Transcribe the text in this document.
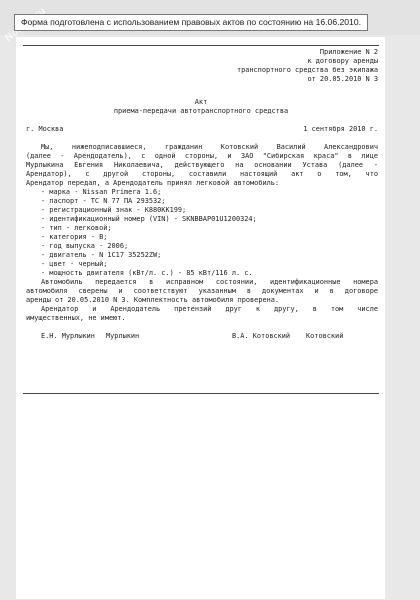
Форма подготовлена с использованием правовых актов по состоянию на 16.06.2010.
Приложение N 2
к договору аренды
транспортного средства без экипажа
от 20.05.2010 N 3
Акт
приема-передачи автотранспортного средства
г. Москва	1 сентября 2010 г.
Мы, нижеподписавшиеся, гражданин Котовский Василий Александрович
(далее - Арендодатель), с одной стороны, и ЗАО "Сибирская краса" в лице
Мурлыкина Евгения Николаевича, действующего на основании Устава (далее -
Арендатор), с другой стороны, составили настоящий акт о том, что
Арендатор передал, а Арендодатель принял легковой автомобиль:
- марка - Nissan Primera 1.6;
- паспорт - ТС N 77 ПА 293532;
- регистрационный знак - К880КК199;
- идентификационный номер (VIN) - SKNBBAP01U1200324;
- тип - легковой;
- категория - B;
- год выпуска - 2006;
- двигатель - N 1C17 35252ZW;
- цвет - черный;
- мощность двигателя (кВт/л. с.) - 85 кВт/116 л. с.
Автомобиль передается в исправном состоянии, идентификационные номера
автомобиля сверены и соответствуют указанным в документах и в договоре
аренды от 20.05.2010 N 3. Комплектность автомобиля проверена.
Арендатор и Арендодатель претензий друг к другу, в том числе
имущественных, не имеют.
Е.Н. Мурлыкин Мурлыкин	В.А. Котовский Котовский
